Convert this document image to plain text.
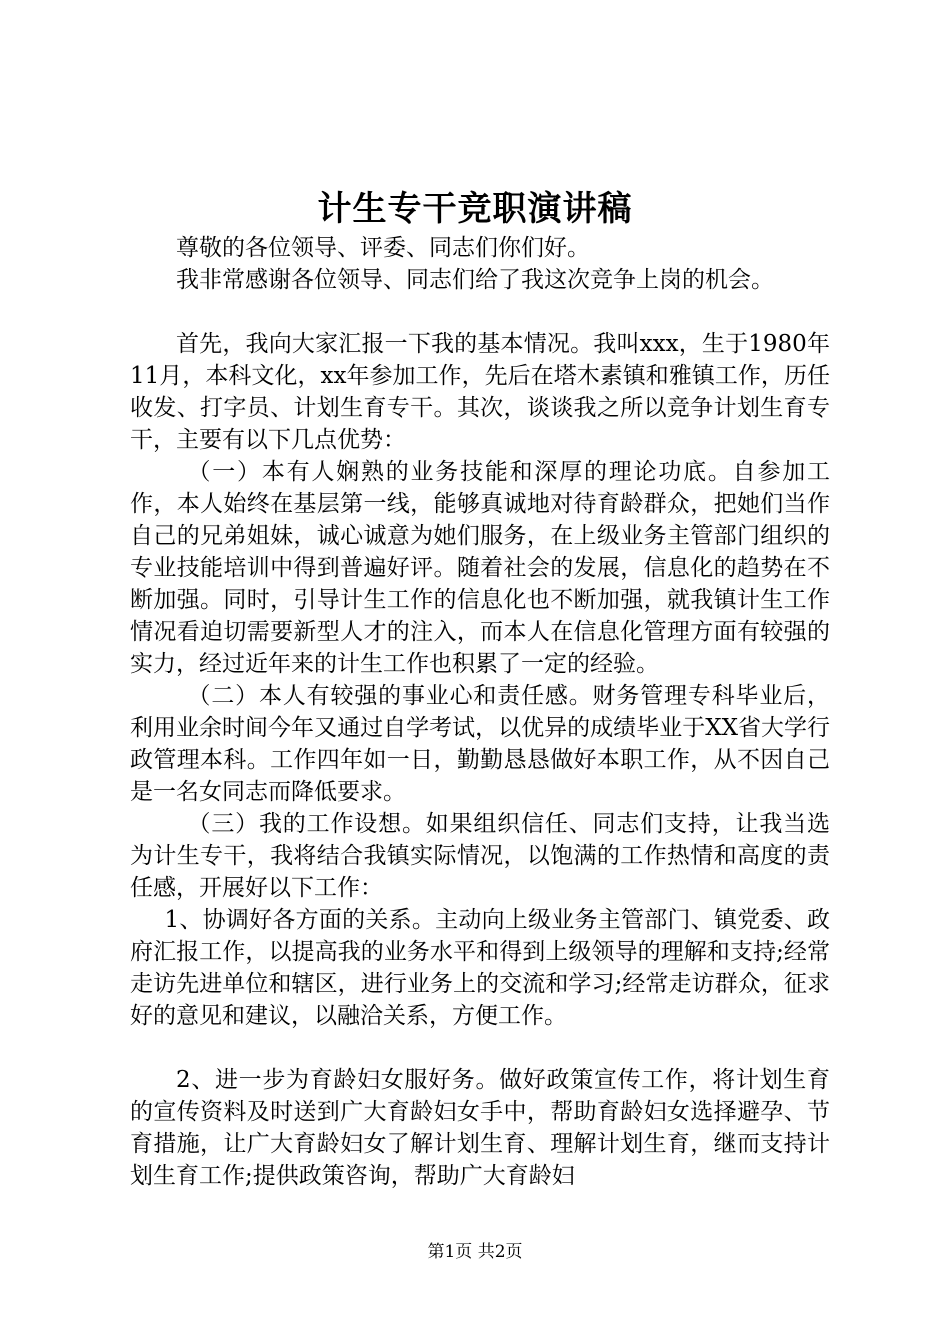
计生专干竞职演讲稿

尊敬的各位领导、评委、同志们你们好。

我非常感谢各位领导、同志们给了我这次竞争上岗的机会。

首先，我向大家汇报一下我的基本情况。我叫xxx，生于1980年11月，本科文化，xx年参加工作，先后在塔木素镇和雅镇工作，历任收发、打字员、计划生育专干。其次，谈谈我之所以竞争计划生育专干，主要有以下几点优势：

（一）本有人娴熟的业务技能和深厚的理论功底。自参加工作，本人始终在基层第一线，能够真诚地对待育龄群众，把她们当作自己的兄弟姐妹，诚心诚意为她们服务，在上级业务主管部门组织的专业技能培训中得到普遍好评。随着社会的发展，信息化的趋势在不断加强。同时，引导计生工作的信息化也不断加强，就我镇计生工作情况看迫切需要新型人才的注入，而本人在信息化管理方面有较强的实力，经过近年来的计生工作也积累了一定的经验。

（二）本人有较强的事业心和责任感。财务管理专科毕业后，利用业余时间今年又通过自学考试，以优异的成绩毕业于XX省大学行政管理本科。工作四年如一日，勤勤恳恳做好本职工作，从不因自己是一名女同志而降低要求。

（三）我的工作设想。如果组织信任、同志们支持，让我当选为计生专干，我将结合我镇实际情况，以饱满的工作热情和高度的责任感，开展好以下工作：

1、协调好各方面的关系。主动向上级业务主管部门、镇党委、政府汇报工作，以提高我的业务水平和得到上级领导的理解和支持;经常走访先进单位和辖区，进行业务上的交流和学习;经常走访群众，征求好的意见和建议，以融洽关系，方便工作。

2、进一步为育龄妇女服好务。做好政策宣传工作，将计划生育的宣传资料及时送到广大育龄妇女手中，帮助育龄妇女选择避孕、节育措施，让广大育龄妇女了解计划生育、理解计划生育，继而支持计划生育工作;提供政策咨询，帮助广大育龄妇

第1页 共2页
